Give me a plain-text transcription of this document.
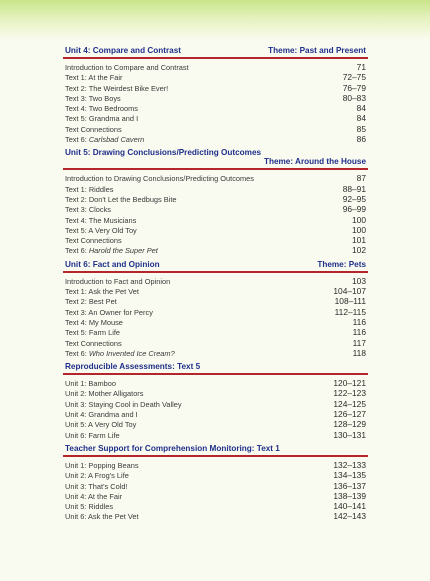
Unit 4: Compare and Contrast	Theme: Past and Present
Introduction to Compare and Contrast	71
Text 1: At the Fair	72–75
Text 2: The Weirdest Bike Ever!	76–79
Text 3: Two Boys	80–83
Text 4: Two Bedrooms	84
Text 5: Grandma and I	84
Text Connections	85
Text 6: Carlsbad Cavern	86
Unit 5: Drawing Conclusions/Predicting Outcomes
Theme: Around the House
Introduction to Drawing Conclusions/Predicting Outcomes	87
Text 1: Riddles	88–91
Text 2: Don't Let the Bedbugs Bite	92–95
Text 3: Clocks	96–99
Text 4: The Musicians	100
Text 5: A Very Old Toy	100
Text Connections	101
Text 6: Harold the Super Pet	102
Unit 6: Fact and Opinion	Theme: Pets
Introduction to Fact and Opinion	103
Text 1: Ask the Pet Vet	104–107
Text 2: Best Pet	108–111
Text 3: An Owner for Percy	112–115
Text 4: My Mouse	116
Text 5: Farm Life	116
Text Connections	117
Text 6: Who Invented Ice Cream?	118
Reproducible Assessments: Text 5
Unit 1: Bamboo	120–121
Unit 2: Mother Alligators	122–123
Unit 3: Staying Cool in Death Valley	124–125
Unit 4: Grandma and I	126–127
Unit 5: A Very Old Toy	128–129
Unit 6: Farm Life	130–131
Teacher Support for Comprehension Monitoring: Text 1
Unit 1: Popping Beans	132–133
Unit 2: A Frog's Life	134–135
Unit 3: That's Cold!	136–137
Unit 4: At the Fair	138–139
Unit 5: Riddles	140–141
Unit 6: Ask the Pet Vet	142–143
